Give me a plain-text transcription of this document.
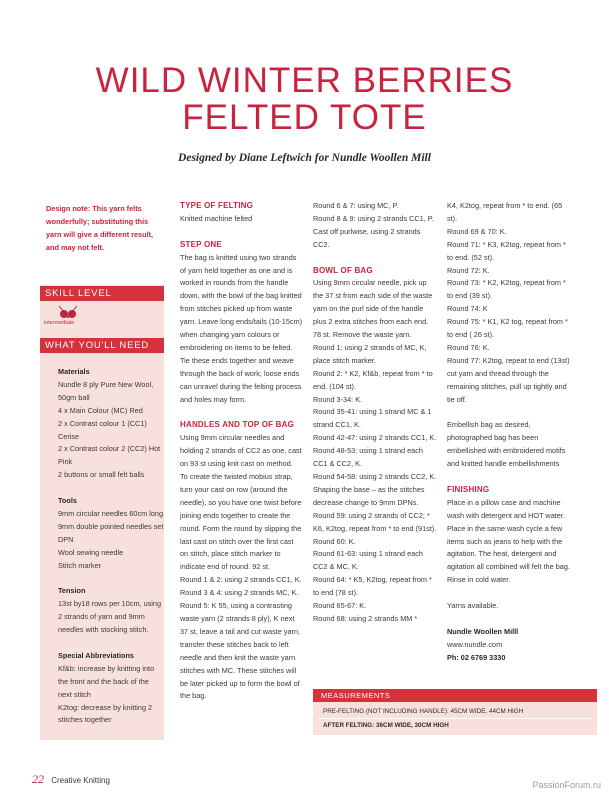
WILD WINTER BERRIES
FELTED TOTE
Designed by Diane Leftwich for Nundle Woollen Mill
Design note: This yarn felts wonderfully; substituting this yarn will give a different result, and may not felt.
SKILL LEVEL
intermediate
WHAT YOU'LL NEED

Materials

Nundle 8 ply Pure New Wool, 50gm ball

4 x Main Colour (MC) Red

2 x Contrast colour 1 (CC1) Cerise

2 x Contrast colour 2 (CC2) Hot Pink

2 buttons or small felt balls

Tools

9mm circular needles 60cm long

9mm double pointed needles set DPN

Wool sewing needle

Stitch marker

Tension

13st by18 rows per 10cm, using 2 strands of yarn and 9mm needles with stocking stitch.

Special Abbreviations

Kf&b: increase by knitting into the front and the back of the next stitch

K2tog: decrease by knitting 2 stitches together

TYPE OF FELTING

Knitted machine felted

STEP ONE

The bag is knitted using two strands of yarn held together as one and is worked in rounds from the handle down, with the bowl of the bag knitted from stitches picked up from waste yarn. Leave long ends/tails (10-15cm) when changing yarn colours or embroidering on items to be felted. Tie these ends together and weave through the back of work; loose ends can unravel during the felting process and holes may form.

HANDLES AND TOP OF BAG

Using 9mm circular needles and holding 2 strands of CC2 as one, cast on 93 st using knit cast on method.

To create the twisted mobius strap, turn your cast on row (around the needle), so you have one twist before joining ends together to create the round. Form the round by slipping the last cast on stitch over the first cast on stitch, place stitch marker to indicate end of round. 92 st.

Round 1 & 2: using 2 strands CC1, K.

Round 3 & 4: using 2 strands MC, K.

Round 5: K 55, using a contrasting waste yarn (2 strands 8 ply), K next 37 st, leave a tail and cut waste yarn, transfer these stitches back to left needle and then knit the waste yarn stitches with MC. These stitches will be later picked up to form the bowl of the bag.

Round 6 & 7: using MC, P.

Round 8 & 9: using 2 strands CC1, P.

Cast off purlwise, using 2 strands CC2.

BOWL OF BAG

Using 9mm circular needle, pick up the 37 st from each side of the waste yarn on the purl side of the handle plus 2 extra stitches from each end. 78 st. Remove the waste yarn.

Round 1: using 2 strands of MC, K, place stitch marker.

Round 2: * K2, Kf&b, repeat from * to end. (104 st).

Round 3-34: K.

Round 35-41: using 1 strand MC & 1 strand CC1, K.

Round 42-47: using 2 strands CC1, K.

Round 48-53: using 1 strand each CC1 & CC2, K.

Round 54-58: using 2 strands CC2, K.

Shaping the base – as the stitches decrease change to 9mm DPNs.

Round 59: using 2 strands of CC2; * K6, K2tog, repeat from * to end (91st).

Round 60: K.

Round 61-63: using 1 strand each CC2 & MC, K.

Round 64: * K5, K2tog, repeat from * to end (78 st).

Round 65-67: K.

Round 68: using 2 strands MM *

K4, K2tog, repeat from * to end. (65 st).

Round 69 & 70: K.

Round 71: * K3, K2tog, repeat from * to end. (52 st).

Round 72: K.

Round 73: * K2, K2tog, repeat from * to end (39 st).

Round 74: K

Round 75: * K1, K2 tog, repeat from * to end ( 26 st).

Round 76: K.

Round 77: K2tog, repeat to end (13st) cut yarn and thread through the remaining stitches, pull up tightly and tie off.

Embellish bag as desired, photographed bag has been embellished with embroidered motifs and knitted handle embellishments

FINISHING

Place in a pillow case and machine wash with detergent and HOT water. Place in the same wash cycle a few items such as jeans to help with the agitation. The heat, detergent and agitation all combined will felt the bag. Rinse in cold water.

Yarns available.

Nundle Woollen Milll

www.nundle.com

Ph: 02 6769 3330

MEASUREMENTS
PRE-FELTING (NOT INCLUDING HANDLE): 45CM WIDE, 44CM HIGH
AFTER FELTING: 36CM WIDE, 30CM HIGH
22 Creative Knitting	PassionForum.ru
